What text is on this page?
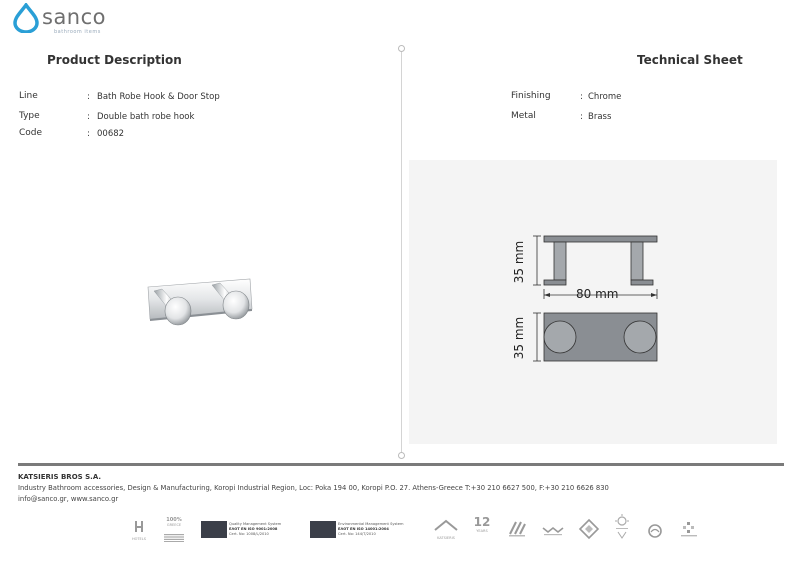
sanco
bathroom items
Product Description
Line	: Bath Robe Hook & Door Stop
Type	: Double bath robe hook
Code	: 00682
Technical Sheet
Finishing	: Chrome
Metal	: Brass
35 mm
80 mm
35 mm
KATSIERIS BROS S.A.
Industry Bathroom accessories, Design & Manufacturing, Koropi Industrial Region, Loc: Poka 194 00, Koropi P.O. 27. Athens-Greece T:+30 210 6627 500, F:+30 210 6626 830
info@sanco.gr, www.sanco.gr
HOTELS
100%
GREECE	Quality Management System
ΕΛΟΤ EN ISO 9001:2008
Cert. No: 1008/L/2010
Environmental Management System
ΕΛΟΤ EN ISO 14001:2004
Cert. No: 144/T/2010
KATSIERIS
12
YEARS
